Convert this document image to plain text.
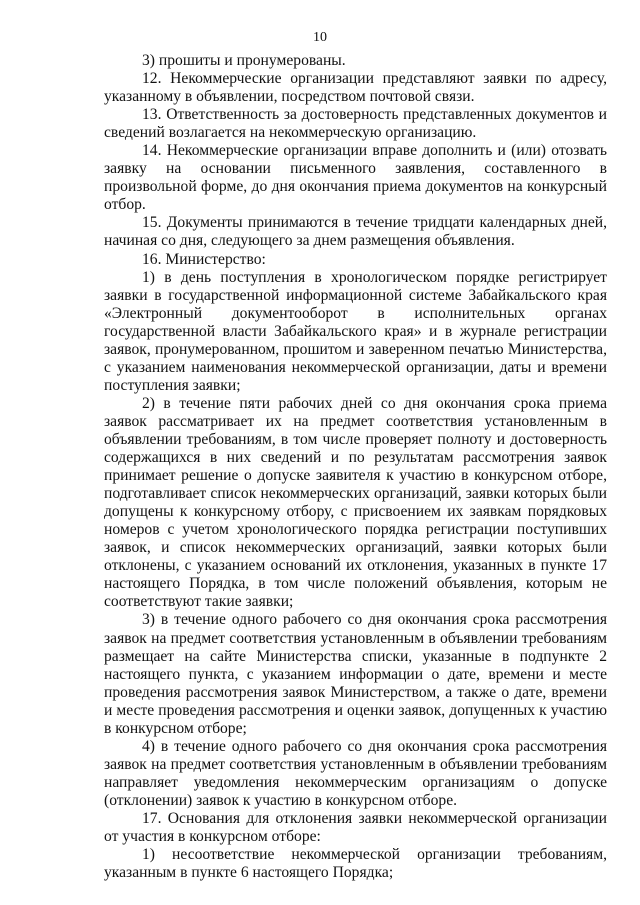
10

3) прошиты и пронумерованы.

12. Некоммерческие организации представляют заявки по адресу, указанному в объявлении, посредством почтовой связи.

13. Ответственность за достоверность представленных документов и сведений возлагается на некоммерческую организацию.

14. Некоммерческие организации вправе дополнить и (или) отозвать заявку на основании письменного заявления, составленного в произвольной форме, до дня окончания приема документов на конкурсный отбор.

15. Документы принимаются в течение тридцати календарных дней, начиная со дня, следующего за днем размещения объявления.

16. Министерство:

1) в день поступления в хронологическом порядке регистрирует заявки в государственной информационной системе Забайкальского края «Электронный документооборот в исполнительных органах государственной власти Забайкальского края» и в журнале регистрации заявок, пронумерованном, прошитом и заверенном печатью Министерства, с указанием наименования некоммерческой организации, даты и времени поступления заявки;

2) в течение пяти рабочих дней со дня окончания срока приема заявок рассматривает их на предмет соответствия установленным в объявлении требованиям, в том числе проверяет полноту и достоверность содержащихся в них сведений и по результатам рассмотрения заявок принимает решение о допуске заявителя к участию в конкурсном отборе, подготавливает список некоммерческих организаций, заявки которых были допущены к конкурсному отбору, с присвоением их заявкам порядковых номеров с учетом хронологического порядка регистрации поступивших заявок, и список некоммерческих организаций, заявки которых были отклонены, с указанием оснований их отклонения, указанных в пункте 17 настоящего Порядка, в том числе положений объявления, которым не соответствуют такие заявки;

3) в течение одного рабочего со дня окончания срока рассмотрения заявок на предмет соответствия установленным в объявлении требованиям размещает на сайте Министерства списки, указанные в подпункте 2 настоящего пункта, с указанием информации о дате, времени и месте проведения рассмотрения заявок Министерством, а также о дате, времени и месте проведения рассмотрения и оценки заявок, допущенных к участию в конкурсном отборе;

4) в течение одного рабочего со дня окончания срока рассмотрения заявок на предмет соответствия установленным в объявлении требованиям направляет уведомления некоммерческим организациям о допуске (отклонении) заявок к участию в конкурсном отборе.

17. Основания для отклонения заявки некоммерческой организации от участия в конкурсном отборе:

1) несоответствие некоммерческой организации требованиям, указанным в пункте 6 настоящего Порядка;
